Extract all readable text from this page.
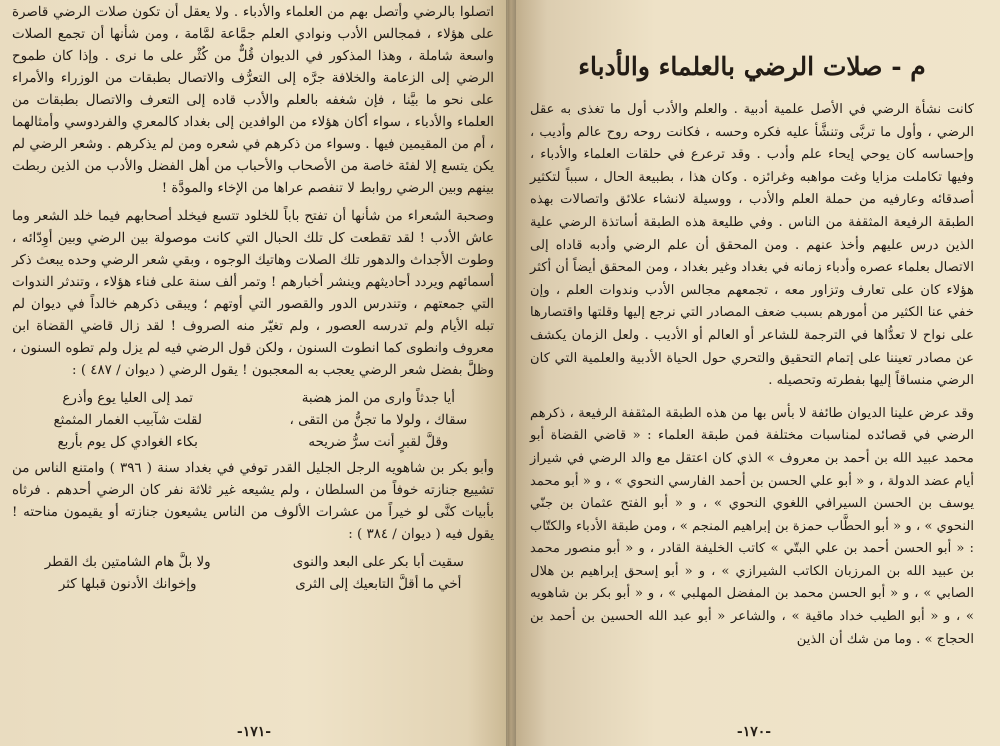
اتصلوا بالرضي وأتصل بهم من العلماء والأدباء . ولا يعقل أن تكون صلات الرضي قاصرة على هؤلاء ، فمجالس الأدب ونوادي العلم جمَّاعة لمَّامة ، ومن شأنها أن تجمع الصلات واسعة شاملة ، وهذا المذكور في الديوان قُلٌّ من كُثْر على ما نرى . وإذا كان طموح الرضي إلى الزعامة والخلافة جرَّه إلى التعرُّف والاتصال بطبقات من الوزراء والأمراء على نحو ما بيَّنا ، فإن شغفه بالعلم والأدب قاده إلى التعرف والاتصال بطبقات من العلماء والأدباء ، سواء أكان هؤلاء من الوافدين إلى بغداد كالمعري والفردوسي وأمثالهما ، أم من المقيمين فيها . وسواء من ذكرهم في شعره ومن لم يذكرهم . وشعر الرضي لم يكن يتسع إلا لفئة خاصة من الأصحاب والأحباب من أهل الفضل والأدب من الذين ربطت بينهم وبين الرضي روابط لا تنفصم عراها من الإخاء والمودَّة !

وصحبة الشعراء من شأنها أن تفتح باباً للخلود تتسع فيخلد أصحابهم فيما خلد الشعر وما عاش الأدب ! لقد تقطعت كل تلك الحبال التي كانت موصولة بين الرضي وبين أوِدّائه ، وطوت الأجداث والدهور تلك الصلات وهاتيك الوجوه ، وبقي شعر الرضي وحده يبعث ذكر أسمائهم ويردد أحاديثهم وينشر أخبارهم ! وتمر ألف سنة على فناء هؤلاء ، وتندثر الندوات التي جمعتهم ، وتندرس الدور والقصور التي أوتهم ؛ ويبقى ذكرهم خالداً في ديوان لم تبله الأيام ولم تدرسه العصور ، ولم تغيّر منه الصروف ! لقد زال قاضي القضاة ابن معروف وانطوى كما انطوت السنون ، ولكن قول الرضي فيه لم يزل ولم تطوه السنون ، وظلَّ بفضل شعر الرضي يعجب به المعجبون ! يقول الرضي ( ديوان / ٤٨٧ ) :

أيا جدثاً وارى من المز هضبة
تمد إلى العليا يوع وأذرع
سقاك ، ولولا ما تجنُّ من التقى ،
لقلت شآبيب الغمار المثمثع
وقلَّ لقبرٍ أنت سرُّ ضريحه
بكاء الغوادي كل يوم بأربع

وأبو بكر بن شاهويه الرجل الجليل القدر توفي في بغداد سنة ( ٣٩٦ ) وامتنع الناس من تشييع جنازته خوفاً من السلطان ، ولم يشيعه غير ثلاثة نفر كان الرضي أحدهم . فرثاه بأبيات كنَّى لو خيراً من عشرات الألوف من الناس يشيعون جنازته أو يقيمون مناحته ! يقول فيه ( ديوان / ٣٨٤ ) :

سقيت أبا بكر على البعد والنوى
ولا بلَّ هام الشامتين بك القطر
أخي ما أقلَّ التابعيك إلى الثرى
وإخوانك الأدنون قبلها كثر
-١٧١-
م - صلات الرضي بالعلماء والأدباء

كانت نشأة الرضي في الأصل علمية أدبية . والعلم والأدب أول ما تغذى به عقل الرضي ، وأول ما تربَّى وتنشَّأ عليه فكره وحسه ، فكانت روحه روح عالم وأديب ، وإحساسه كان يوحي إيحاء علم وأدب . وقد ترعرع في حلقات العلماء والأدباء ، وفيها تكاملت مزايا وغت مواهبه وغرائزه . وكان هذا ، بطبيعة الحال ، سبباً لتكثير أصدقائه وعارفيه من حملة العلم والأدب ، ووسيلة لانشاء علائق واتصالات بهذه الطبقة الرفيعة المثقفة من الناس . وفي طليعة هذه الطبقة أساتذة الرضي علية الذين درس عليهم وأخذ عنهم . ومن المحقق أن علم الرضي وأدبه قاداه إلى الاتصال بعلماء عصره وأدباء زمانه في بغداد وغير بغداد ، ومن المحقق أيضاً أن أكثر هؤلاء كان على تعارف وتزاور معه ، تجمعهم مجالس الأدب وندوات العلم ، وإن خفي عنا الكثير من أمورهم بسبب ضعف المصادر التي نرجع إليها وقلتها واقتصارها على نواح لا تعدُّاها في الترجمة للشاعر أو العالم أو الأديب . ولعل الزمان يكشف عن مصادر تعيننا على إتمام التحقيق والتحري حول الحياة الأدبية والعلمية التي كان الرضي منساقاً إليها بفطرته وتحصيله .

وقد عرض علينا الديوان طائفة لا بأس بها من هذه الطبقة المثقفة الرفيعة ، ذكرهم الرضي في قصائده لمناسبات مختلفة فمن طبقة العلماء : « قاضي القضاة أبو محمد عبيد الله بن أحمد بن معروف » الذي كان اعتقل مع والد الرضي في شيراز أيام عضد الدولة ، و « أبو علي الحسن بن أحمد الفارسي النحوي » ، و « أبو محمد يوسف بن الحسن السيرافي اللغوي النحوي » ، و « أبو الفتح عثمان بن جنّي النحوي » ، و « أبو الحطَّاب حمزة بن إبراهيم المنجم » ، ومن طبقة الأدباء والكتّاب : « أبو الحسن أحمد بن علي البتّي » كاتب الخليفة القادر ، و « أبو منصور محمد بن عبيد الله بن المرزبان الكاتب الشيرازي » ، و « أبو إسحق إبراهيم بن هلال الصابي » ، و « أبو الحسن محمد بن المفضل المهلبي » ، و « أبو بكر بن شاهويه » ، و « أبو الطيب خداد ماقية » ، والشاعر « أبو عبد الله الحسين بن أحمد بن الحجاج » . وما من شك أن الذين

-١٧٠-
